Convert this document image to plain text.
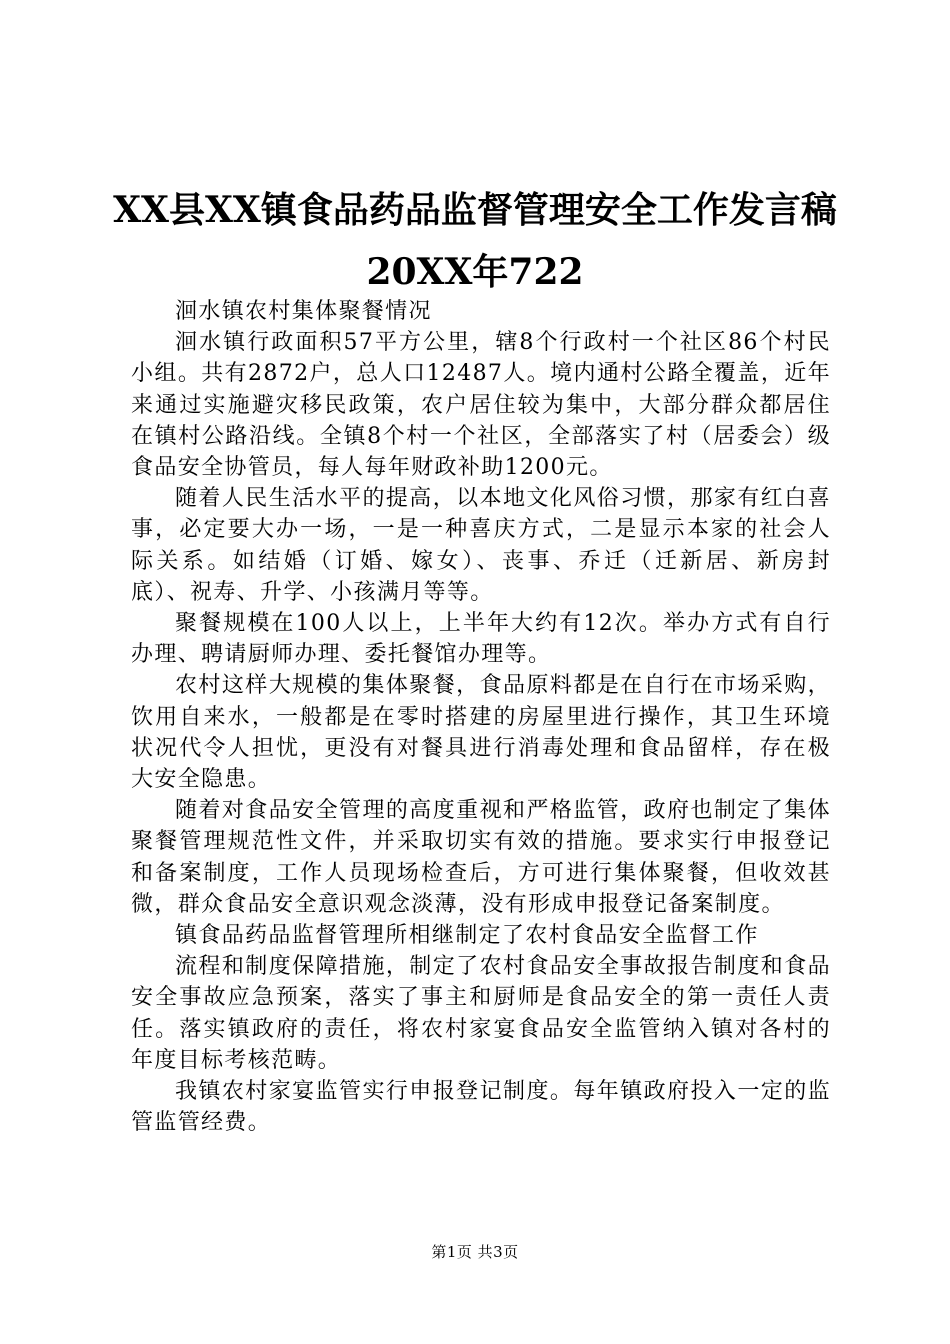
XX县XX镇食品药品监督管理安全工作发言稿
20XX年722

洄水镇农村集体聚餐情况

洄水镇行政面积57平方公里，辖8个行政村一个社区86个村民小组。共有2872户，总人口12487人。境内通村公路全覆盖，近年来通过实施避灾移民政策，农户居住较为集中，大部分群众都居住在镇村公路沿线。全镇8个村一个社区，全部落实了村（居委会）级食品安全协管员，每人每年财政补助1200元。

随着人民生活水平的提高，以本地文化风俗习惯，那家有红白喜事，必定要大办一场，一是一种喜庆方式，二是显示本家的社会人际关系。如结婚（订婚、嫁女）、丧事、乔迁（迁新居、新房封底）、祝寿、升学、小孩满月等等。

聚餐规模在100人以上，上半年大约有12次。举办方式有自行办理、聘请厨师办理、委托餐馆办理等。

农村这样大规模的集体聚餐，食品原料都是在自行在市场采购，饮用自来水，一般都是在零时搭建的房屋里进行操作，其卫生环境状况代令人担忧，更没有对餐具进行消毒处理和食品留样，存在极大安全隐患。

随着对食品安全管理的高度重视和严格监管，政府也制定了集体聚餐管理规范性文件，并采取切实有效的措施。要求实行申报登记和备案制度，工作人员现场检查后，方可进行集体聚餐，但收效甚微，群众食品安全意识观念淡薄，没有形成申报登记备案制度。

镇食品药品监督管理所相继制定了农村食品安全监督工作

流程和制度保障措施，制定了农村食品安全事故报告制度和食品安全事故应急预案，落实了事主和厨师是食品安全的第一责任人责任。落实镇政府的责任，将农村家宴食品安全监管纳入镇对各村的年度目标考核范畴。

我镇农村家宴监管实行申报登记制度。每年镇政府投入一定的监管监管经费。

第1页 共3页
